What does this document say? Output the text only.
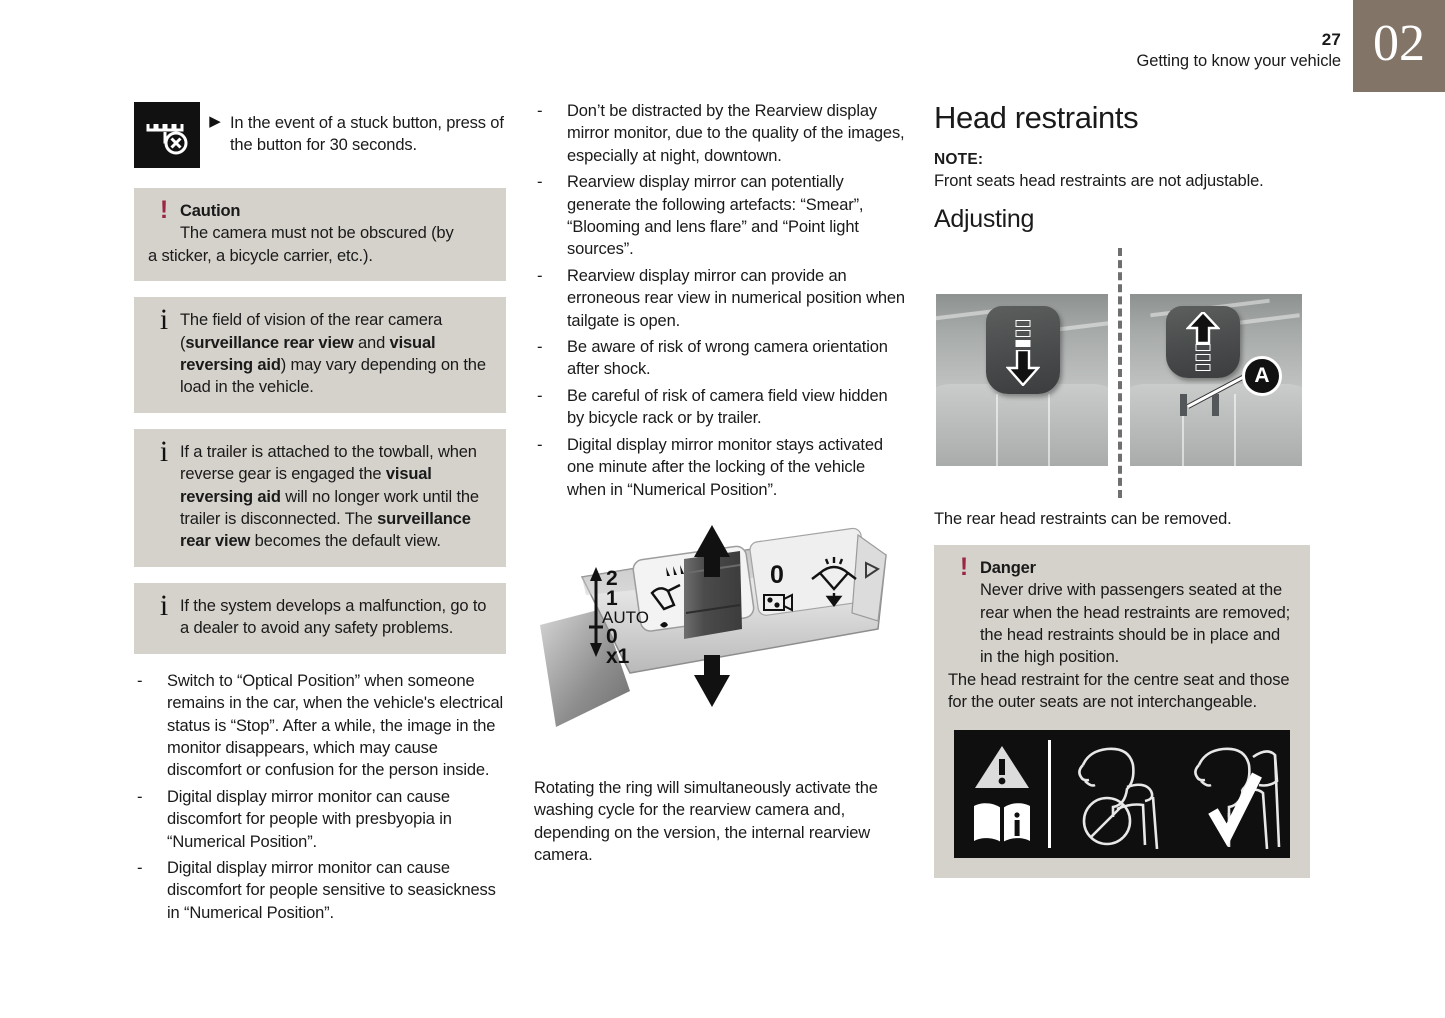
27
Getting to know your vehicle 02
▶ In the event of a stuck button, press of the button for 30 seconds.
! Caution
The camera must not be obscured (by
a sticker, a bicycle carrier, etc.).
i The field of vision of the rear camera (surveillance rear view and visual reversing aid) may vary depending on the load in the vehicle.
i If a trailer is attached to the towball, when reverse gear is engaged the visual reversing aid will no longer work until the trailer is disconnected. The surveillance rear view becomes the default view.
i If the system develops a malfunction, go to a dealer to avoid any safety problems.
-	Switch to “Optical Position” when someone remains in the car, when the vehicle's electrical status is “Stop”. After a while, the image in the monitor disappears, which may cause discomfort or confusion for the person inside.
-	Digital display mirror monitor can cause discomfort for people with presbyopia in “Numerical Position”.
-	Digital display mirror monitor can cause discomfort for people sensitive to seasickness in “Numerical Position”.
-	Don’t be distracted by the Rearview display mirror monitor, due to the quality of the images, especially at night, downtown.
-	Rearview display mirror can potentially generate the following artefacts: “Smear”, “Blooming and lens flare” and “Point light sources”.
-	Rearview display mirror can provide an erroneous rear view in numerical position when tailgate is open.
-	Be aware of risk of wrong camera orientation after shock.
-	Be careful of risk of camera field view hidden by bicycle rack or by trailer.
-	Digital display mirror monitor stays activated one minute after the locking of the vehicle when in “Numerical Position”.
2
1
AUTO
0
x1
0
Rotating the ring will simultaneously activate the washing cycle for the rearview camera and, depending on the version, the internal rearview camera.
Head restraints
NOTE:
Front seats head restraints are not adjustable.
Adjusting
A
The rear head restraints can be removed.
! Danger
Never drive with passengers seated at the rear when the head restraints are removed; the head restraints should be in place and in the high position.
The head restraint for the centre seat and those for the outer seats are not interchangeable.
